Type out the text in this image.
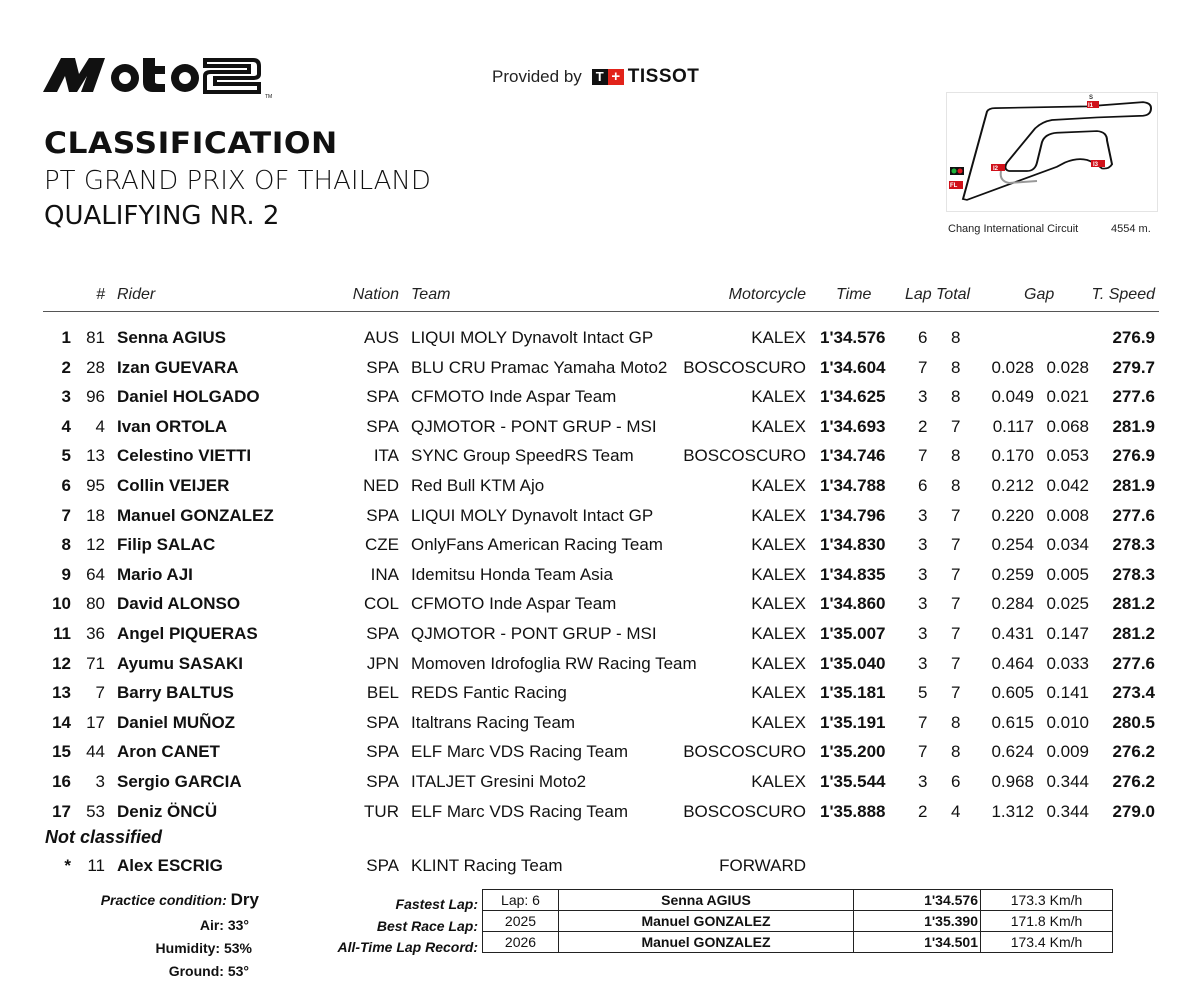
TM
Provided by	T + TISSOT
CLASSIFICATION
PT GRAND PRIX OF THAILAND
QUALIFYING NR. 2
S
I1
I2
I3
FL
Chang International Circuit	4554 m.
# Rider	Nation Team	Motorcycle Time Lap Total	Gap T. Speed
1 81 Senna AGIUS	AUS LIQUI MOLY Dynavolt Intact GP	KALEX 1'34.576 6 8	276.9
2 28 Izan GUEVARA	SPA BLU CRU Pramac Yamaha Moto2 BOSCOSCURO 1'34.604 7 8 0.028 0.028 279.7
3 96 Daniel HOLGADO	SPA CFMOTO Inde Aspar Team	KALEX 1'34.625 3 8 0.049 0.021 277.6
4 4 Ivan ORTOLA	SPA QJMOTOR - PONT GRUP - MSI	KALEX 1'34.693 2 7 0.117 0.068 281.9
5 13 Celestino VIETTI	ITA SYNC Group SpeedRS Team	BOSCOSCURO 1'34.746 7 8 0.170 0.053 276.9
6 95 Collin VEIJER	NED Red Bull KTM Ajo	KALEX 1'34.788 6 8 0.212 0.042 281.9
7 18 Manuel GONZALEZ	SPA LIQUI MOLY Dynavolt Intact GP	KALEX 1'34.796 3 7 0.220 0.008 277.6
8 12 Filip SALAC	CZE OnlyFans American Racing Team	KALEX 1'34.830 3 7 0.254 0.034 278.3
9 64 Mario AJI	INA Idemitsu Honda Team Asia	KALEX 1'34.835 3 7 0.259 0.005 278.3
10 80 David ALONSO	COL CFMOTO Inde Aspar Team	KALEX 1'34.860 3 7 0.284 0.025 281.2
11 36 Angel PIQUERAS	SPA QJMOTOR - PONT GRUP - MSI	KALEX 1'35.007 3 7 0.431 0.147 281.2
12 71 Ayumu SASAKI	JPN Momoven Idrofoglia RW Racing Team	KALEX 1'35.040 3 7 0.464 0.033 277.6
13 7 Barry BALTUS	BEL REDS Fantic Racing	KALEX 1'35.181 5 7 0.605 0.141 273.4
14 17 Daniel MUÑOZ	SPA Italtrans Racing Team	KALEX 1'35.191 7 8 0.615 0.010 280.5
15 44 Aron CANET	SPA ELF Marc VDS Racing Team	BOSCOSCURO 1'35.200 7 8 0.624 0.009 276.2
16 3 Sergio GARCIA	SPA ITALJET Gresini Moto2	KALEX 1'35.544 3 6 0.968 0.344 276.2
17 53 Deniz ÖNCÜ	TUR ELF Marc VDS Racing Team	BOSCOSCURO 1'35.888 2 4 1.312 0.344 279.0
Not classified
* 11 Alex ESCRIG	SPA KLINT Racing Team	FORWARD
Practice condition: Dry
Air: 33°
Humidity: 53%
Ground: 53°
Fastest Lap:
Best Race Lap:
All-Time Lap Record:
Lap: 6	Senna AGIUS	1'34.576	173.3 Km/h
2025	Manuel GONZALEZ	1'35.390	171.8 Km/h
2026	Manuel GONZALEZ	1'34.501	173.4 Km/h
